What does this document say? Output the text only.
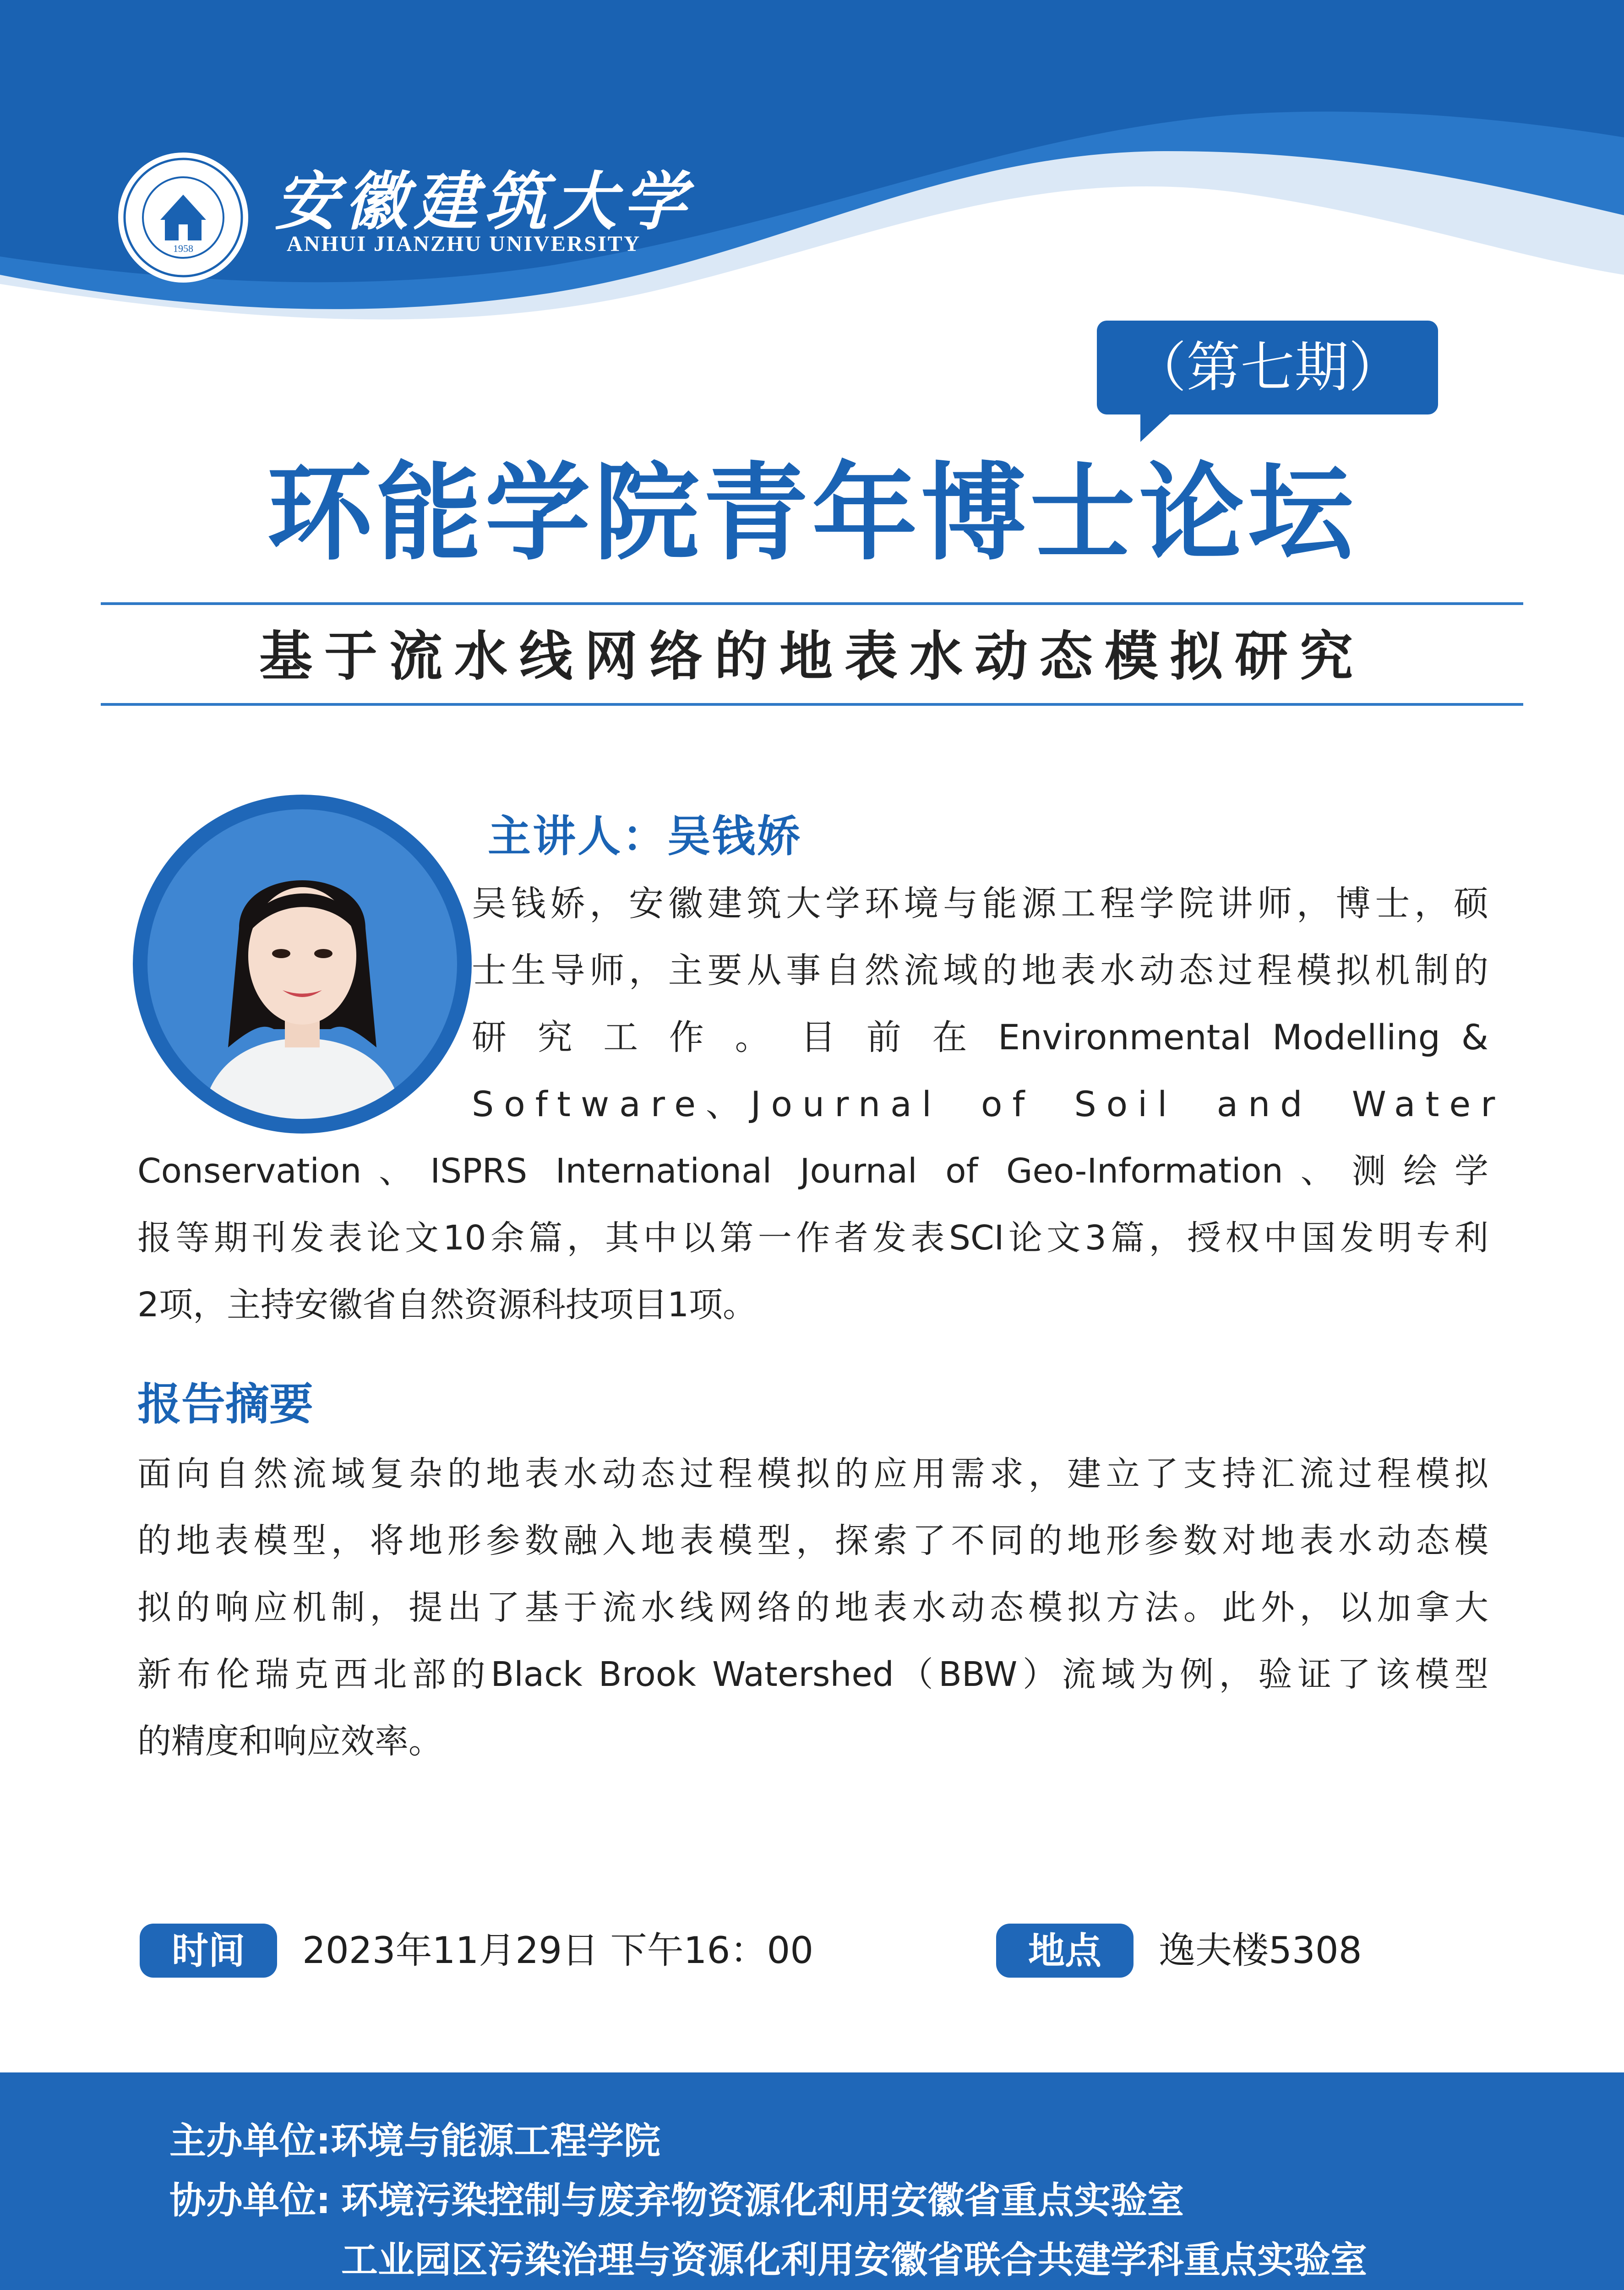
1958
安徽建筑大学
ANHUI JIANZHU UNIVERSITY
（第七期）
环能学院青年博士论坛
基于流水线网络的地表水动态模拟研究
主讲人：吴钱娇
吴钱娇，安徽建筑大学环境与能源工程学院讲师，博士，硕
士生导师，主要从事自然流域的地表水动态过程模拟机制的
研 究 工 作 。 目 前 在 Environmental Modelling &
Software、Journal of Soil and Water
Conservation、ISPRS International Journal of Geo-Information、测绘学
报等期刊发表论文10余篇，其中以第一作者发表SCI论文3篇，授权中国发明专利
2项，主持安徽省自然资源科技项目1项。
报告摘要
面向自然流域复杂的地表水动态过程模拟的应用需求，建立了支持汇流过程模拟
的地表模型，将地形参数融入地表模型，探索了不同的地形参数对地表水动态模
拟的响应机制，提出了基于流水线网络的地表水动态模拟方法。此外，以加拿大
新布伦瑞克西北部的Black Brook Watershed（BBW）流域为例，验证了该模型
的精度和响应效率。
时间	2023年11月29日 下午16：00	地点	逸夫楼5308
主办单位:环境与能源工程学院
协办单位: 环境污染控制与废弃物资源化利用安徽省重点实验室
工业园区污染治理与资源化利用安徽省联合共建学科重点实验室
